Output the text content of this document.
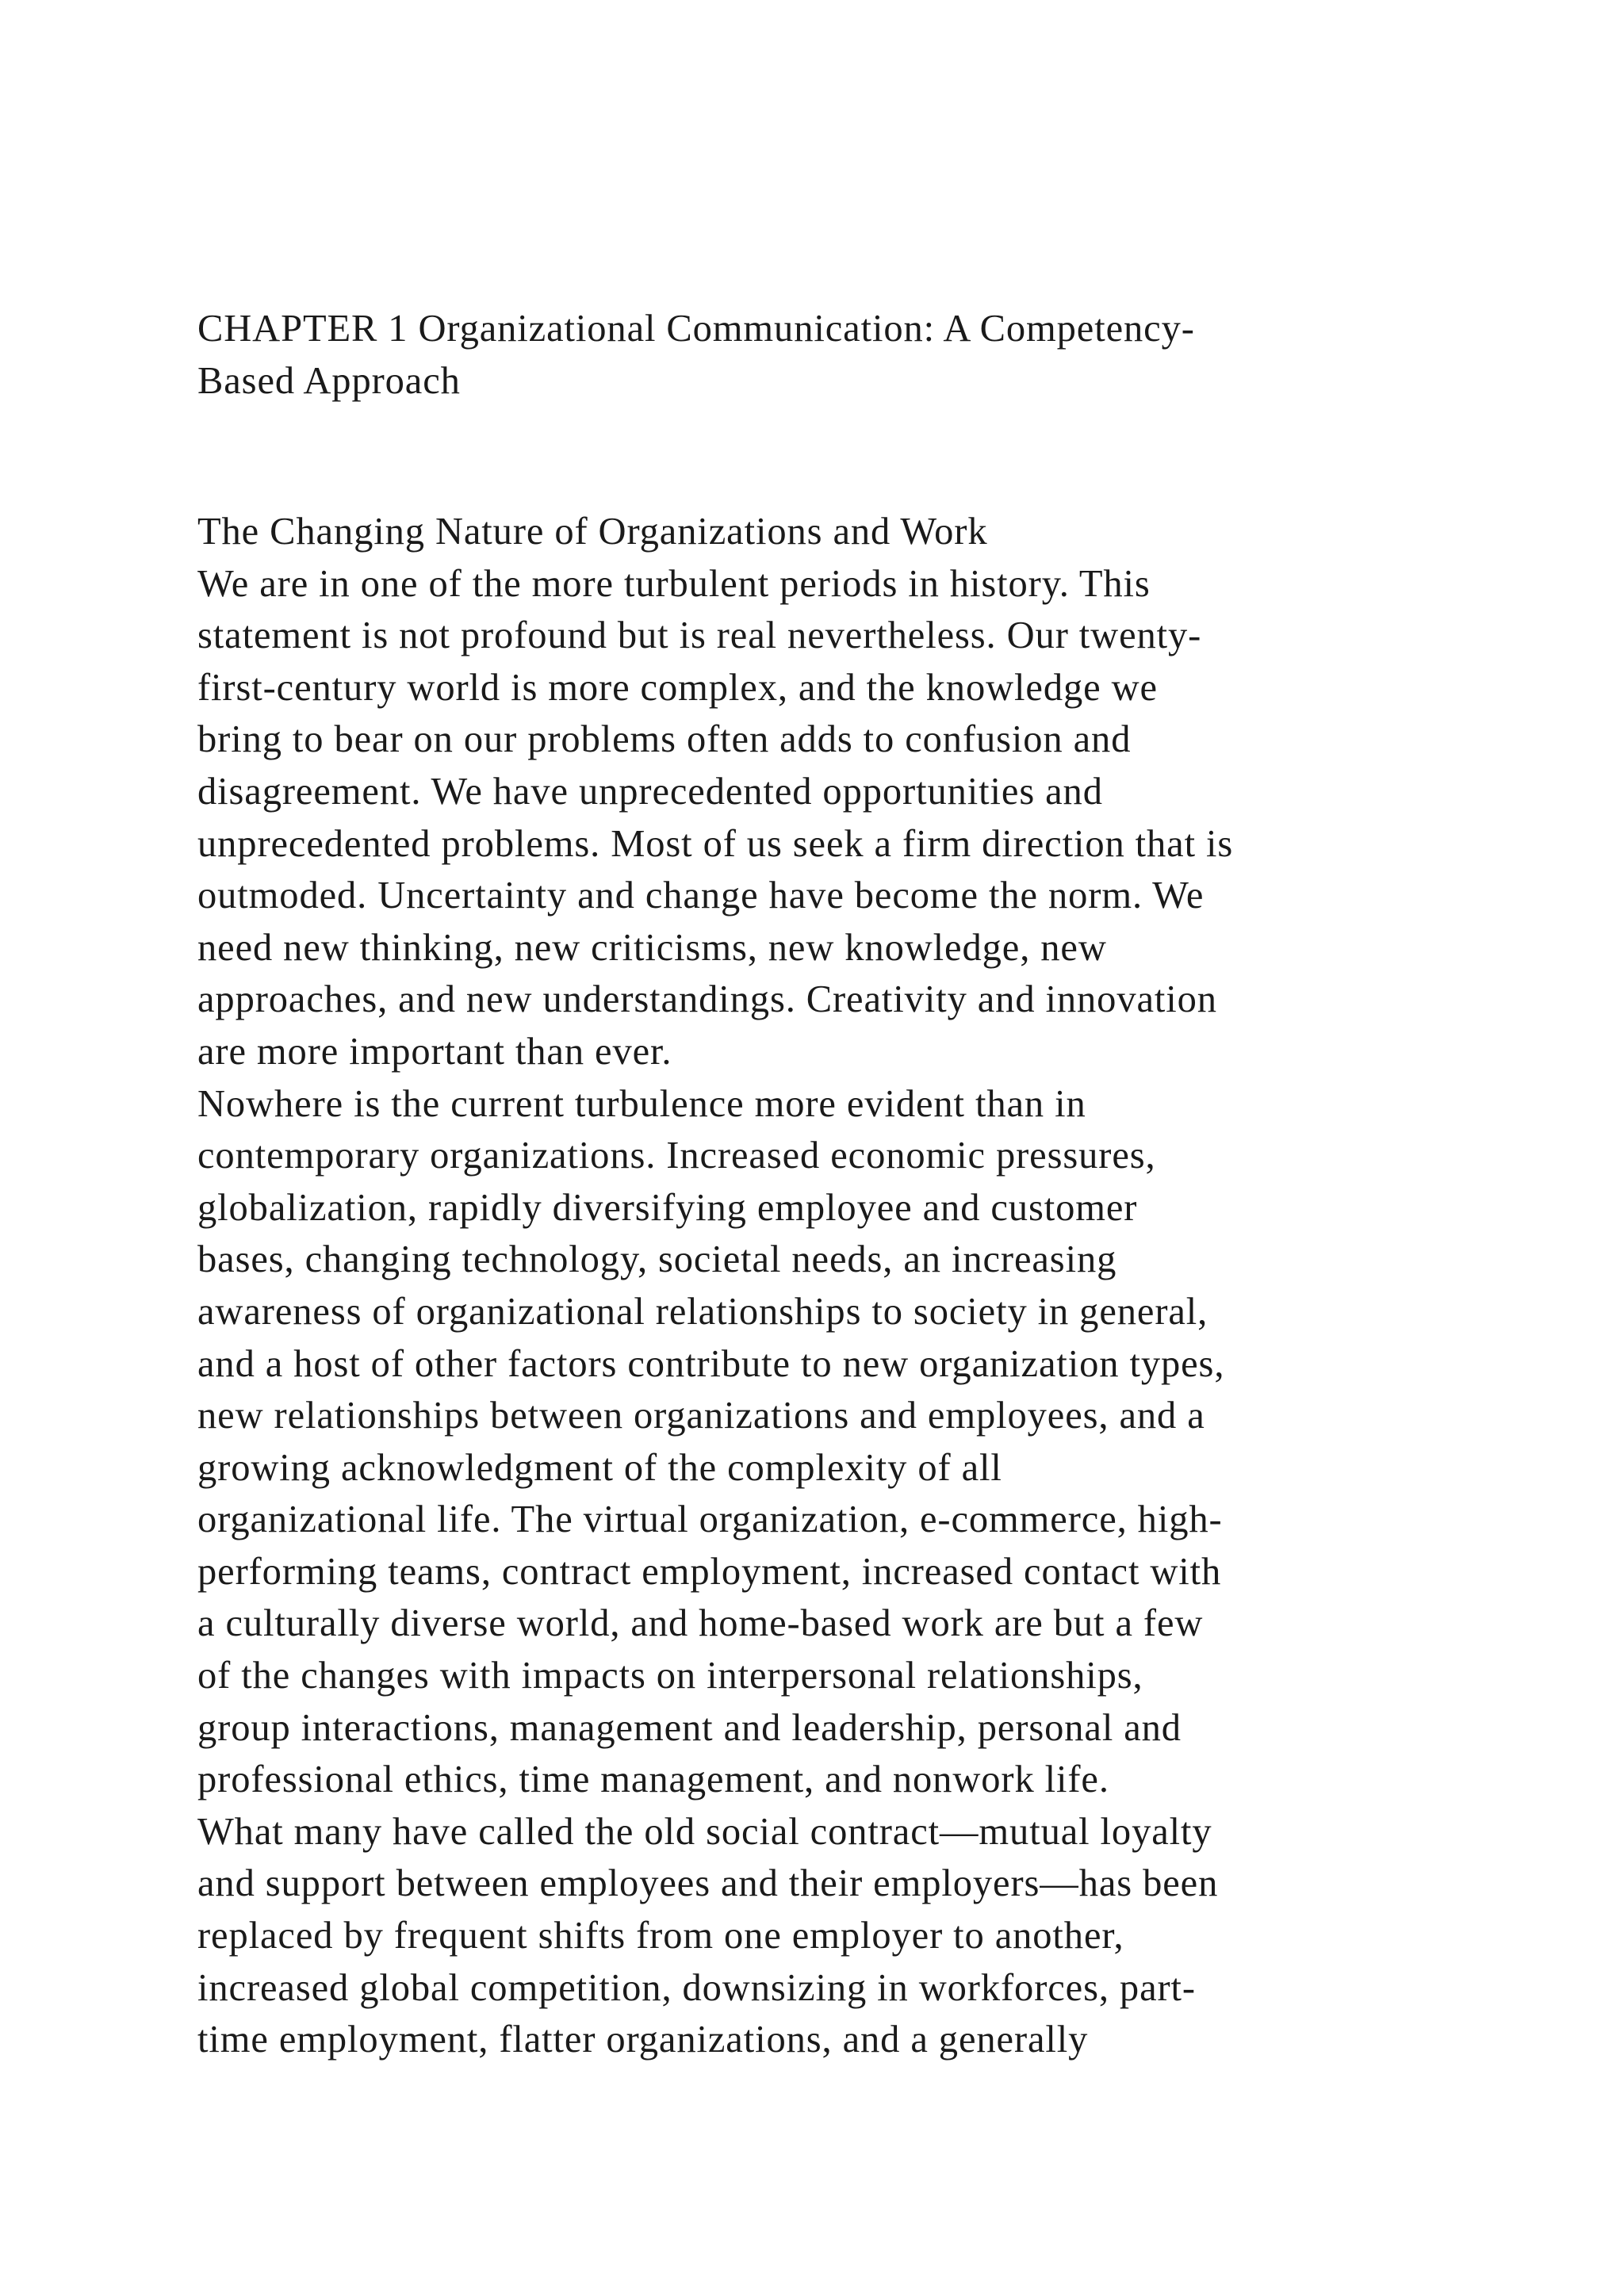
CHAPTER 1 Organizational Communication: A Competency-
Based Approach
The Changing Nature of Organizations and Work
We are in one of the more turbulent periods in history. This
statement is not profound but is real nevertheless. Our twenty-
first-century world is more complex, and the knowledge we
bring to bear on our problems often adds to confusion and
disagreement. We have unprecedented opportunities and
unprecedented problems. Most of us seek a firm direction that is
outmoded. Uncertainty and change have become the norm. We
need new thinking, new criticisms, new knowledge, new
approaches, and new understandings. Creativity and innovation
are more important than ever.
Nowhere is the current turbulence more evident than in
contemporary organizations. Increased economic pressures,
globalization, rapidly diversifying employee and customer
bases, changing technology, societal needs, an increasing
awareness of organizational relationships to society in general,
and a host of other factors contribute to new organization types,
new relationships between organizations and employees, and a
growing acknowledgment of the complexity of all
organizational life. The virtual organization, e-commerce, high-
performing teams, contract employment, increased contact with
a culturally diverse world, and home-based work are but a few
of the changes with impacts on interpersonal relationships,
group interactions, management and leadership, personal and
professional ethics, time management, and nonwork life.
What many have called the old social contract—mutual loyalty
and support between employees and their employers—has been
replaced by frequent shifts from one employer to another,
increased global competition, downsizing in workforces, part-
time employment, flatter organizations, and a generally
